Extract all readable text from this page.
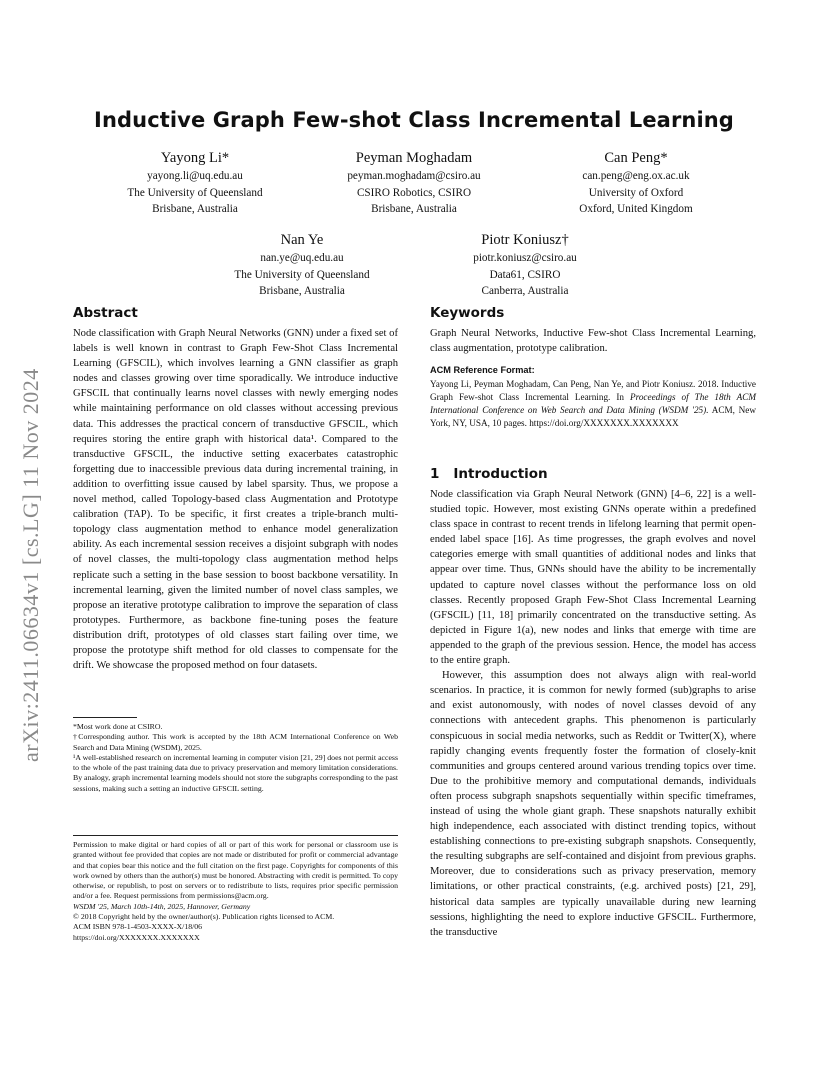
arXiv:2411.06634v1 [cs.LG] 11 Nov 2024
Inductive Graph Few-shot Class Incremental Learning
Yayong Li*
yayong.li@uq.edu.au
The University of Queensland
Brisbane, Australia
Peyman Moghadam
peyman.moghadam@csiro.au
CSIRO Robotics, CSIRO
Brisbane, Australia
Can Peng*
can.peng@eng.ox.ac.uk
University of Oxford
Oxford, United Kingdom
Nan Ye
nan.ye@uq.edu.au
The University of Queensland
Brisbane, Australia
Piotr Koniusz†
piotr.koniusz@csiro.au
Data61, CSIRO
Canberra, Australia
Abstract

Node classification with Graph Neural Networks (GNN) under a fixed set of labels is well known in contrast to Graph Few-Shot Class Incremental Learning (GFSCIL), which involves learning a GNN classifier as graph nodes and classes growing over time sporadically. We introduce inductive GFSCIL that continually learns novel classes with newly emerging nodes while maintaining performance on old classes without accessing previous data. This addresses the practical concern of transductive GFSCIL, which requires storing the entire graph with historical data¹. Compared to the transductive GFSCIL, the inductive setting exacerbates catastrophic forgetting due to inaccessible previous data during incremental training, in addition to overfitting issue caused by label sparsity. Thus, we propose a novel method, called Topology-based class Augmentation and Prototype calibration (TAP). To be specific, it first creates a triple-branch multi-topology class augmentation method to enhance model generalization ability. As each incremental session receives a disjoint subgraph with nodes of novel classes, the multi-topology class augmentation method helps replicate such a setting in the base session to boost backbone versatility. In incremental learning, given the limited number of novel class samples, we propose an iterative prototype calibration to improve the separation of class prototypes. Furthermore, as backbone fine-tuning poses the feature distribution drift, prototypes of old classes start failing over time, we propose the prototype shift method for old classes to compensate for the drift. We showcase the proposed method on four datasets.

*Most work done at CSIRO.

†Corresponding author. This work is accepted by the 18th ACM International Conference on Web Search and Data Mining (WSDM), 2025.

¹A well-established research on incremental learning in computer vision [21, 29] does not permit access to the whole of the past training data due to privacy preservation and memory limitation considerations. By analogy, graph incremental learning models should not store the subgraphs corresponding to the past sessions, making such a setting an inductive GFSCIL setting.

Permission to make digital or hard copies of all or part of this work for personal or classroom use is granted without fee provided that copies are not made or distributed for profit or commercial advantage and that copies bear this notice and the full citation on the first page. Copyrights for components of this work owned by others than the author(s) must be honored. Abstracting with credit is permitted. To copy otherwise, or republish, to post on servers or to redistribute to lists, requires prior specific permission and/or a fee. Request permissions from permissions@acm.org.

WSDM '25, March 10th-14th, 2025, Hannover, Germany

© 2018 Copyright held by the owner/author(s). Publication rights licensed to ACM.

ACM ISBN 978-1-4503-XXXX-X/18/06

https://doi.org/XXXXXXX.XXXXXXX

Keywords
Graph Neural Networks, Inductive Few-shot Class Incremental Learning, class augmentation, prototype calibration.
ACM Reference Format:
Yayong Li, Peyman Moghadam, Can Peng, Nan Ye, and Piotr Koniusz. 2018. Inductive Graph Few-shot Class Incremental Learning. In Proceedings of The 18th ACM International Conference on Web Search and Data Mining (WSDM '25). ACM, New York, NY, USA, 10 pages. https://doi.org/XXXXXXX.XXXXXXX
1 Introduction

Node classification via Graph Neural Network (GNN) [4–6, 22] is a well-studied topic. However, most existing GNNs operate within a predefined class space in contrast to recent trends in lifelong learning that permit open-ended label space [16]. As time progresses, the graph evolves and novel categories emerge with small quantities of additional nodes and links that appear over time. Thus, GNNs should have the ability to be incrementally updated to capture novel classes without the performance loss on old classes. Recently proposed Graph Few-Shot Class Incremental Learning (GFSCIL) [11, 18] primarily concentrated on the transductive setting. As depicted in Figure 1(a), new nodes and links that emerge with time are appended to the graph of the previous session. Hence, the model has access to the entire graph.

However, this assumption does not always align with real-world scenarios. In practice, it is common for newly formed (sub)graphs to arise and exist autonomously, with nodes of novel classes devoid of any connections with antecedent graphs. This phenomenon is particularly conspicuous in social media networks, such as Reddit or Twitter(X), where rapidly changing events frequently foster the formation of closely-knit communities and groups centered around various trending topics over time. Due to the prohibitive memory and computational demands, individuals often process subgraph snapshots sequentially within specific timeframes, instead of using the whole giant graph. These snapshots naturally exhibit high independence, each associated with distinct trending topics, without establishing connections to pre-existing subgraph snapshots. Consequently, the resulting subgraphs are self-contained and disjoint from previous graphs. Moreover, due to considerations such as privacy preservation, memory limitations, or other practical constraints, (e.g. archived posts) [21, 29], historical data samples are typically unavailable during new learning sessions, highlighting the need to explore inductive GFSCIL. Furthermore, the transductive
